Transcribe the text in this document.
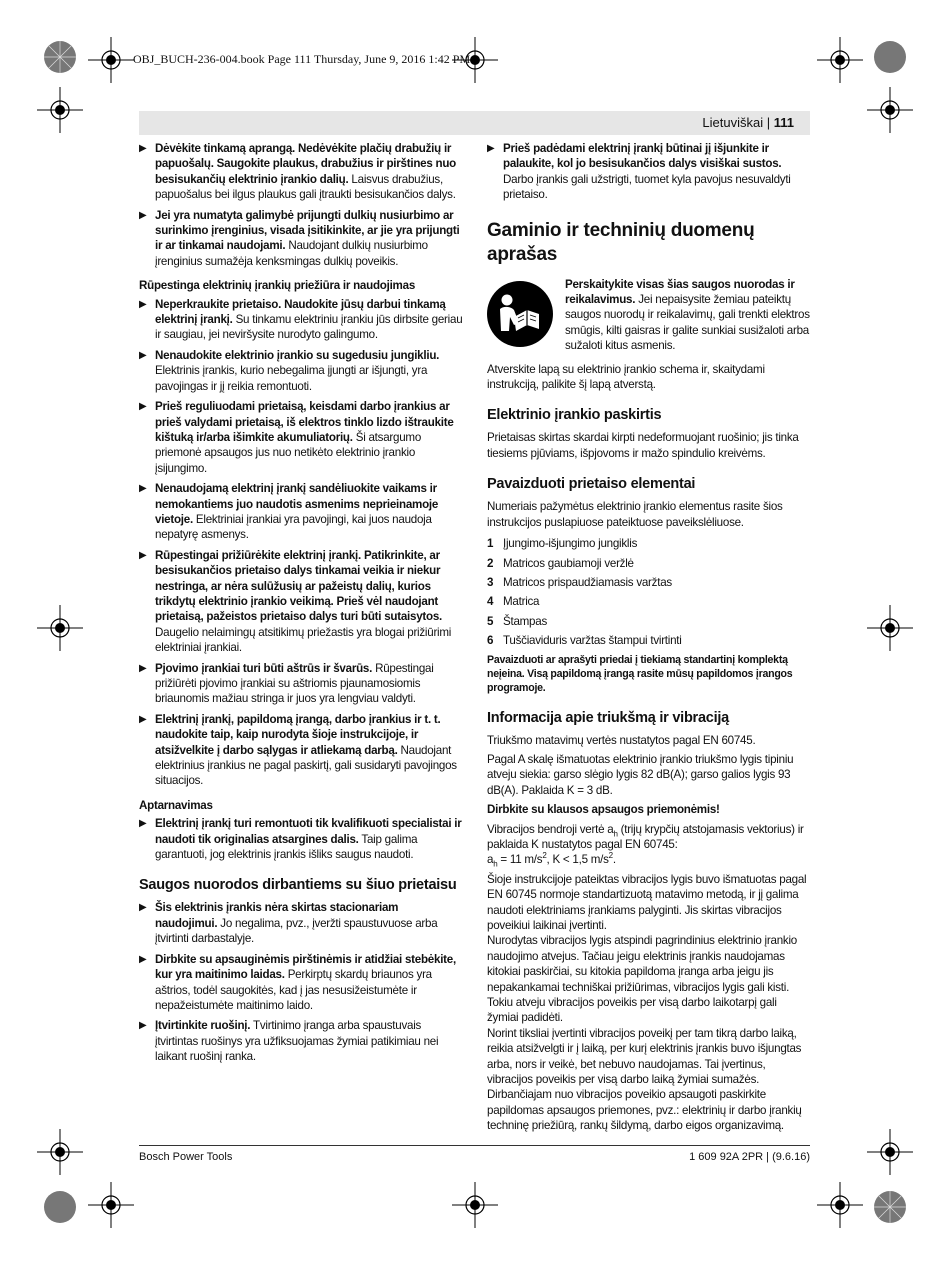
OBJ_BUCH-236-004.book Page 111 Thursday, June 9, 2016 1:42 PM
Lietuviškai | 111
▶ Dėvėkite tinkamą aprangą. Nedėvėkite plačių drabužių ir papuošalų. Saugokite plaukus, drabužius ir pirštines nuo besisukančių elektrinio įrankio dalių. Laisvus drabužius, papuošalus bei ilgus plaukus gali įtraukti besisukančios dalys.
▶ Jei yra numatyta galimybė prijungti dulkių nusiurbimo ar surinkimo įrenginius, visada įsitikinkite, ar jie yra prijungti ir ar tinkamai naudojami. Naudojant dulkių nusiurbimo įrenginius sumažėja kenksmingas dulkių poveikis.
Rūpestinga elektrinių įrankių priežiūra ir naudojimas
▶ Neperkraukite prietaiso. Naudokite jūsų darbui tinkamą elektrinį įrankį. Su tinkamu elektriniu įrankiu jūs dirbsite geriau ir saugiau, jei neviršysite nurodyto galingumo.
▶ Nenaudokite elektrinio įrankio su sugedusiu jungikliu. Elektrinis įrankis, kurio nebegalima įjungti ar išjungti, yra pavojingas ir jį reikia remontuoti.
▶ Prieš reguliuodami prietaisą, keisdami darbo įrankius ar prieš valydami prietaisą, iš elektros tinklo lizdo ištraukite kištuką ir/arba išimkite akumuliatorių. Ši atsargumo priemonė apsaugos jus nuo netikėto elektrinio įrankio įsijungimo.
▶ Nenaudojamą elektrinį įrankį sandėliuokite vaikams ir nemokantiems juo naudotis asmenims neprieinamoje vietoje. Elektriniai įrankiai yra pavojingi, kai juos naudoja nepatyrę asmenys.
▶ Rūpestingai prižiūrėkite elektrinį įrankį. Patikrinkite, ar besisukančios prietaiso dalys tinkamai veikia ir niekur nestringa, ar nėra sulūžusių ar pažeistų dalių, kurios trikdytų elektrinio įrankio veikimą. Prieš vėl naudojant prietaisą, pažeistos prietaiso dalys turi būti sutaisytos. Daugelio nelaimingų atsitikimų priežastis yra blogai prižiūrimi elektriniai įrankiai.
▶ Pjovimo įrankiai turi būti aštrūs ir švarūs. Rūpestingai prižiūrėti pjovimo įrankiai su aštriomis pjaunamosiomis briaunomis mažiau stringa ir juos yra lengviau valdyti.
▶ Elektrinį įrankį, papildomą įrangą, darbo įrankius ir t. t. naudokite taip, kaip nurodyta šioje instrukcijoje, ir atsižvelkite į darbo sąlygas ir atliekamą darbą. Naudojant elektrinius įrankius ne pagal paskirtį, gali susidaryti pavojingos situacijos.
Aptarnavimas
▶ Elektrinį įrankį turi remontuoti tik kvalifikuoti specialistai ir naudoti tik originalias atsargines dalis. Taip galima garantuoti, jog elektrinis įrankis išliks saugus naudoti.
Saugos nuorodos dirbantiems su šiuo prietaisu
▶ Šis elektrinis įrankis nėra skirtas stacionariam naudojimui. Jo negalima, pvz., įveržti spaustuvuose arba įtvirtinti darbastalyje.
▶ Dirbkite su apsauginėmis pirštinėmis ir atidžiai stebėkite, kur yra maitinimo laidas. Perkirptų skardų briaunos yra aštrios, todėl saugokitės, kad į jas nesusižeistumėte ir nepažeistumėte maitinimo laido.
▶ Įtvirtinkite ruošinį. Tvirtinimo įranga arba spaustuvais įtvirtintas ruošinys yra užfiksuojamas žymiai patikimiau nei laikant ruošinį ranka.
▶ Prieš padėdami elektrinį įrankį būtinai jį išjunkite ir palaukite, kol jo besisukančios dalys visiškai sustos. Darbo įrankis gali užstrigti, tuomet kyla pavojus nesuvaldyti prietaiso.
Gaminio ir techninių duomenų aprašas
Perskaitykite visas šias saugos nuorodas ir reikalavimus. Jei nepaisysite žemiau pateiktų saugos nuorodų ir reikalavimų, gali trenkti elektros smūgis, kilti gaisras ir galite sunkiai susižaloti arba sužaloti kitus asmenis.
Atverskite lapą su elektrinio įrankio schema ir, skaitydami instrukciją, palikite šį lapą atverstą.
Elektrinio įrankio paskirtis
Prietaisas skirtas skardai kirpti nedeformuojant ruošinio; jis tinka tiesiems pjūviams, išpjovoms ir mažo spindulio kreivėms.
Pavaizduoti prietaiso elementai
Numeriais pažymėtus elektrinio įrankio elementus rasite šios instrukcijos puslapiuose pateiktuose paveikslėliuose.
1 Įjungimo-išjungimo jungiklis
2 Matricos gaubiamoji veržlė
3 Matricos prispaudžiamasis varžtas
4 Matrica
5 Štampas
6 Tuščiaviduris varžtas štampui tvirtinti
Pavaizduoti ar aprašyti priedai į tiekiamą standartinį komplektą neįeina. Visą papildomą įrangą rasite mūsų papildomos įrangos programoje.
Informacija apie triukšmą ir vibraciją
Triukšmo matavimų vertės nustatytos pagal EN 60745.
Pagal A skalę išmatuotas elektrinio įrankio triukšmo lygis tipiniu atveju siekia: garso slėgio lygis 82 dB(A); garso galios lygis 93 dB(A). Paklaida K = 3 dB.
Dirbkite su klausos apsaugos priemonėmis!
Vibracijos bendroji vertė $a_h$ (trijų krypčių atstojamasis vektorius) ir paklaida K nustatytos pagal EN 60745:
$a_h = 11$ $m/s^2$, K < 1,5 $m/s^2$.
Šioje instrukcijoje pateiktas vibracijos lygis buvo išmatuotas pagal EN 60745 normoje standartizuotą matavimo metodą, ir jį galima naudoti elektriniams įrankiams palyginti. Jis skirtas vibracijos poveikiui laikinai įvertinti.
Nurodytas vibracijos lygis atspindi pagrindinius elektrinio įrankio naudojimo atvejus. Tačiau jeigu elektrinis įrankis naudojamas kitokiai paskirčiai, su kitokia papildoma įranga arba jeigu jis nepakankamai techniškai prižiūrimas, vibracijos lygis gali kisti. Tokiu atveju vibracijos poveikis per visą darbo laikotarpį gali žymiai padidėti.
Norint tiksliai įvertinti vibracijos poveikį per tam tikrą darbo laiką, reikia atsižvelgti ir į laiką, per kurį elektrinis įrankis buvo išjungtas arba, nors ir veikė, bet nebuvo naudojamas. Tai įvertinus, vibracijos poveikis per visą darbo laiką žymiai sumažės.
Dirbančiajam nuo vibracijos poveikio apsaugoti paskirkite papildomas apsaugos priemones, pvz.: elektrinių ir darbo įrankių techninę priežiūrą, rankų šildymą, darbo eigos organizavimą.
Bosch Power Tools	1 609 92A 2PR | (9.6.16)
